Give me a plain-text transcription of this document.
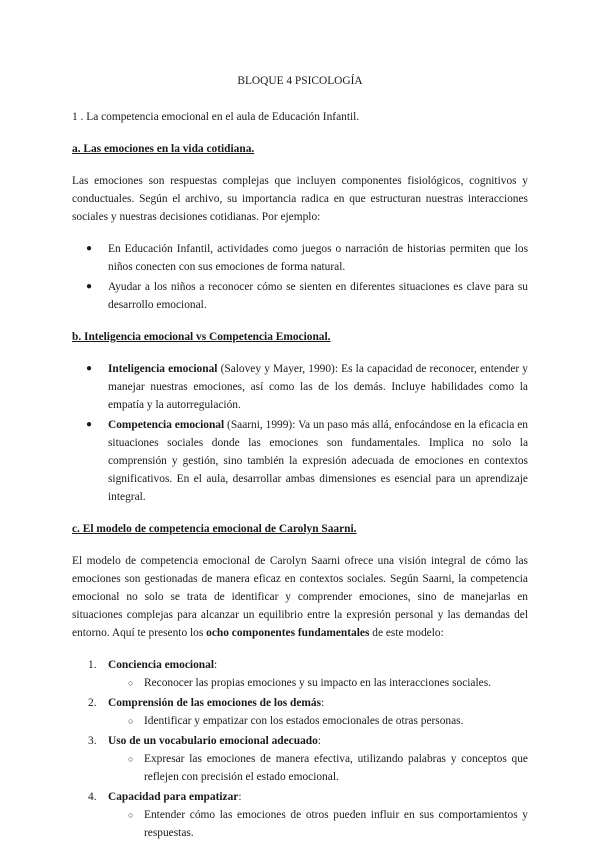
BLOQUE 4 PSICOLOGÍA
1 . La competencia emocional en el aula de Educación Infantil.
a. Las emociones en la vida cotidiana.
Las emociones son respuestas complejas que incluyen componentes fisiológicos, cognitivos y conductuales. Según el archivo, su importancia radica en que estructuran nuestras interacciones sociales y nuestras decisiones cotidianas. Por ejemplo:
● En Educación Infantil, actividades como juegos o narración de historias permiten que los niños conecten con sus emociones de forma natural.
● Ayudar a los niños a reconocer cómo se sienten en diferentes situaciones es clave para su desarrollo emocional.
b. Inteligencia emocional vs Competencia Emocional.
● Inteligencia emocional (Salovey y Mayer, 1990): Es la capacidad de reconocer, entender y manejar nuestras emociones, así como las de los demás. Incluye habilidades como la empatía y la autorregulación.
● Competencia emocional (Saarni, 1999): Va un paso más allá, enfocándose en la eficacia en situaciones sociales donde las emociones son fundamentales. Implica no solo la comprensión y gestión, sino también la expresión adecuada de emociones en contextos significativos. En el aula, desarrollar ambas dimensiones es esencial para un aprendizaje integral.
c. El modelo de competencia emocional de Carolyn Saarni.
El modelo de competencia emocional de Carolyn Saarni ofrece una visión integral de cómo las emociones son gestionadas de manera eficaz en contextos sociales. Según Saarni, la competencia emocional no solo se trata de identificar y comprender emociones, sino de manejarlas en situaciones complejas para alcanzar un equilibrio entre la expresión personal y las demandas del entorno. Aquí te presento los ocho componentes fundamentales de este modelo:
1. Conciencia emocional:
○ Reconocer las propias emociones y su impacto en las interacciones sociales.
2. Comprensión de las emociones de los demás:
○ Identificar y empatizar con los estados emocionales de otras personas.
3. Uso de un vocabulario emocional adecuado:
○ Expresar las emociones de manera efectiva, utilizando palabras y conceptos que reflejen con precisión el estado emocional.
4. Capacidad para empatizar:
○ Entender cómo las emociones de otros pueden influir en sus comportamientos y respuestas.
